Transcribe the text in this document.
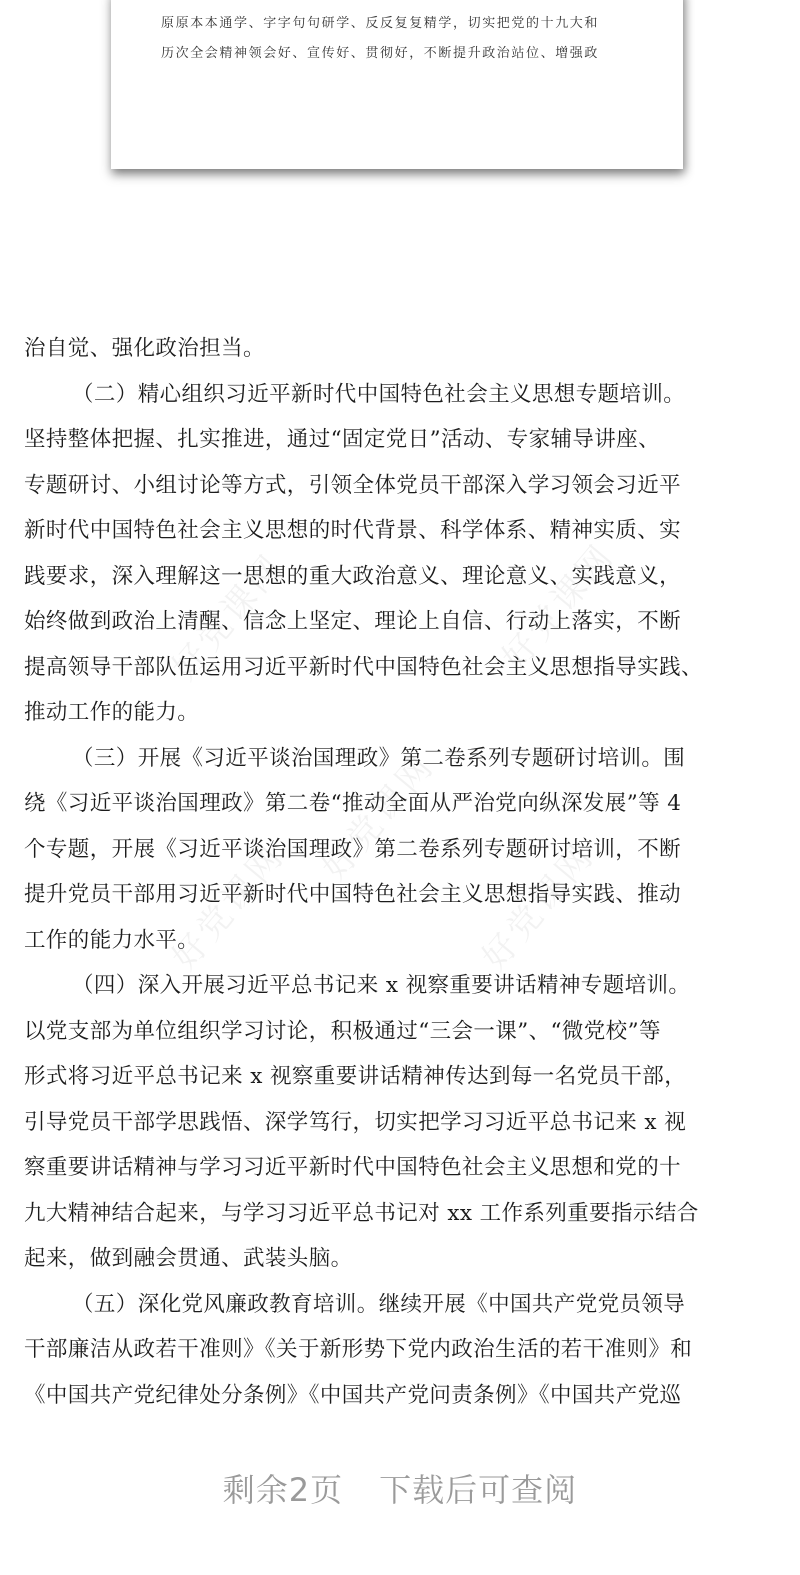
原原本本通学、字字句句研学、反反复复精学，切实把党的十九大和
历次全会精神领会好、宣传好、贯彻好，不断提升政治站位、增强政
好党课网	好党课网
好党课网
好党课网	好党课网
治自觉、强化政治担当。
（二）精心组织习近平新时代中国特色社会主义思想专题培训。
坚持整体把握、扎实推进，通过“固定党日”活动、专家辅导讲座、
专题研讨、小组讨论等方式，引领全体党员干部深入学习领会习近平
新时代中国特色社会主义思想的时代背景、科学体系、精神实质、实
践要求，深入理解这一思想的重大政治意义、理论意义、实践意义，
始终做到政治上清醒、信念上坚定、理论上自信、行动上落实，不断
提高领导干部队伍运用习近平新时代中国特色社会主义思想指导实践、
推动工作的能力。
（三）开展《习近平谈治国理政》第二卷系列专题研讨培训。围
绕《习近平谈治国理政》第二卷“推动全面从严治党向纵深发展”等 4
个专题，开展《习近平谈治国理政》第二卷系列专题研讨培训，不断
提升党员干部用习近平新时代中国特色社会主义思想指导实践、推动
工作的能力水平。
（四）深入开展习近平总书记来 x 视察重要讲话精神专题培训。
以党支部为单位组织学习讨论，积极通过“三会一课”、“微党校”等
形式将习近平总书记来 x 视察重要讲话精神传达到每一名党员干部，
引导党员干部学思践悟、深学笃行，切实把学习习近平总书记来 x 视
察重要讲话精神与学习习近平新时代中国特色社会主义思想和党的十
九大精神结合起来，与学习习近平总书记对 xx 工作系列重要指示结合
起来，做到融会贯通、武装头脑。
（五）深化党风廉政教育培训。继续开展《中国共产党党员领导
干部廉洁从政若干准则》《关于新形势下党内政治生活的若干准则》和
《中国共产党纪律处分条例》《中国共产党问责条例》《中国共产党巡
剩余2页 下载后可查阅
